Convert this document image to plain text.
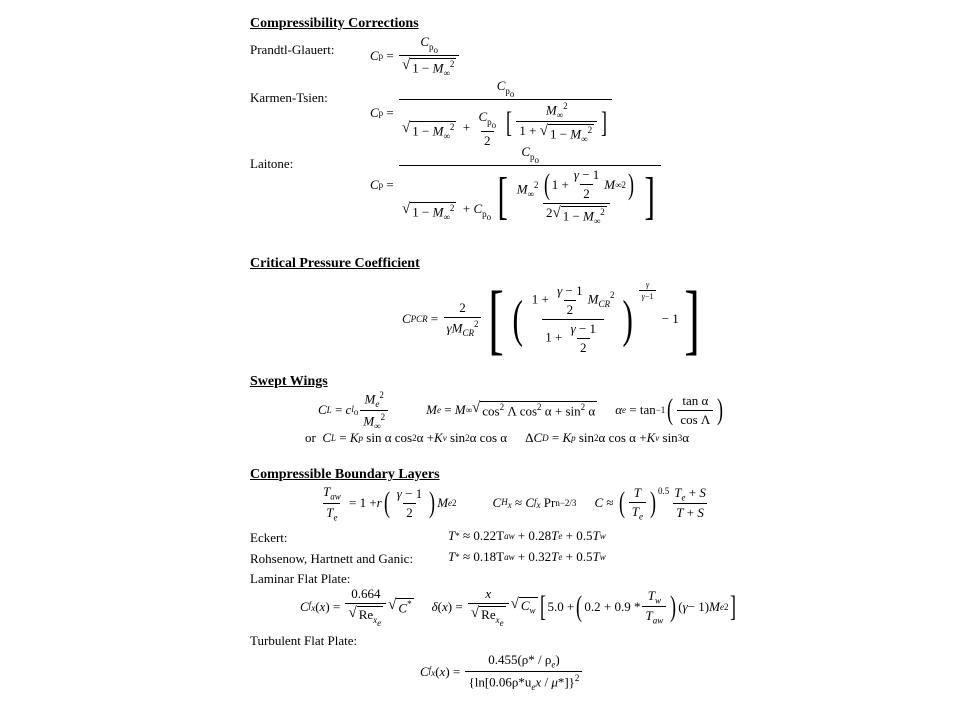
Compressibility Corrections
Prandtl-Glauert:	C $p = \frac{C_{p_o}}{√ 1 - M_\infty^2}$
Karmen-Tsien:
C p =
$C_{p_o}$
√ $1 - M_\infty^2 + \frac{C_{p_o}}{2}$
[ $\frac{M_\infty^2}{1 + √ 1 - M_\infty^2}$ ]
Laitone:
C p =
$C_{p_o}$
√ $1 - M_\infty^2 + C_{p_o}$ [ $\frac{M_\infty^2 ( 1 + \frac{\gamma - 1}{2} M \infty 2 )}{2 √ 1 - M_\infty^2}$ ]
Critical Pressure Coefficient
C PCR = $\frac{2}{\gamma M_{CR}^2}$ [ ( $\frac{1 + \frac{\gamma - 1}{2} M_{CR}^2}{1 + \frac{\gamma - 1}{2}}$ ) $^{\frac{\gamma}{\gamma-1}}$
− 1 ]
Swept Wings
C L = c $l_o \frac{M_e^2}{M_\infty^2}$	M e = M ∞ √ $\cos^2 \Lambda$ $\cos^2 \alpha + \sin^2 \alpha$ α e = tan −1 ( $\frac{\text{tan α}}{\text{cos Λ}}$ )
or
C L = K p sin α cos 2 α + K v sin 2 α cos α
Δ C D = K p sin 2 α cos α + K v sin 3 α
Compressible Boundary Layers
$\frac{T_{aw}}{T_e} = 1 + r$ ( $\frac{\gamma - 1}{2}$ ) M e 2	C $H_x \approx C$ $f_x$
Pr n−2/3 C ≈ ( $\frac{T}{T_e} )^{0.5} \frac{T_e + S}{T + S}$
Eckert:	T *
≈ 0.22T aw + 0.28 T e + 0.5 T w
Rohsenow, Hartnett and Ganic:	T *
≈ 0.18T aw + 0.32 T e + 0.5 T w
Laminar Flat Plate:
C $f_x$ ( x ) = $\frac{0.664}{√ Re_{x_e}}$ √ C* δ ( x ) = $\frac{x}{√ Re_{x_e}}$ √ $C_w$ [ 5.0 + ( $0.2 + 0.9 * \frac{T_w}{T_{aw}}$ ) ( γ − 1) M e 2 ]
Turbulent Flat Plate:
C $f_x$ ( x ) = $\frac{0.455(\rho* / \rho_e)}{\{\ln[0.06\rho*u_ex / \mu*]\}^2}$
